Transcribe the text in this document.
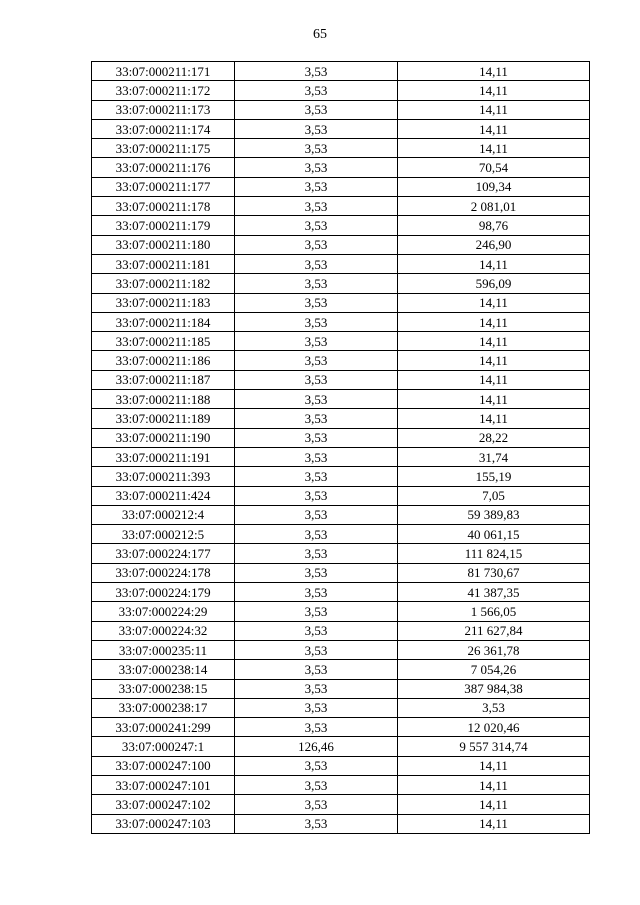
65
33:07:000211:171	3,53	14,11
33:07:000211:172	3,53	14,11
33:07:000211:173	3,53	14,11
33:07:000211:174	3,53	14,11
33:07:000211:175	3,53	14,11
33:07:000211:176	3,53	70,54
33:07:000211:177	3,53	109,34
33:07:000211:178	3,53	2 081,01
33:07:000211:179	3,53	98,76
33:07:000211:180	3,53	246,90
33:07:000211:181	3,53	14,11
33:07:000211:182	3,53	596,09
33:07:000211:183	3,53	14,11
33:07:000211:184	3,53	14,11
33:07:000211:185	3,53	14,11
33:07:000211:186	3,53	14,11
33:07:000211:187	3,53	14,11
33:07:000211:188	3,53	14,11
33:07:000211:189	3,53	14,11
33:07:000211:190	3,53	28,22
33:07:000211:191	3,53	31,74
33:07:000211:393	3,53	155,19
33:07:000211:424	3,53	7,05
33:07:000212:4	3,53	59 389,83
33:07:000212:5	3,53	40 061,15
33:07:000224:177	3,53	111 824,15
33:07:000224:178	3,53	81 730,67
33:07:000224:179	3,53	41 387,35
33:07:000224:29	3,53	1 566,05
33:07:000224:32	3,53	211 627,84
33:07:000235:11	3,53	26 361,78
33:07:000238:14	3,53	7 054,26
33:07:000238:15	3,53	387 984,38
33:07:000238:17	3,53	3,53
33:07:000241:299	3,53	12 020,46
33:07:000247:1	126,46	9 557 314,74
33:07:000247:100	3,53	14,11
33:07:000247:101	3,53	14,11
33:07:000247:102	3,53	14,11
33:07:000247:103	3,53	14,11
